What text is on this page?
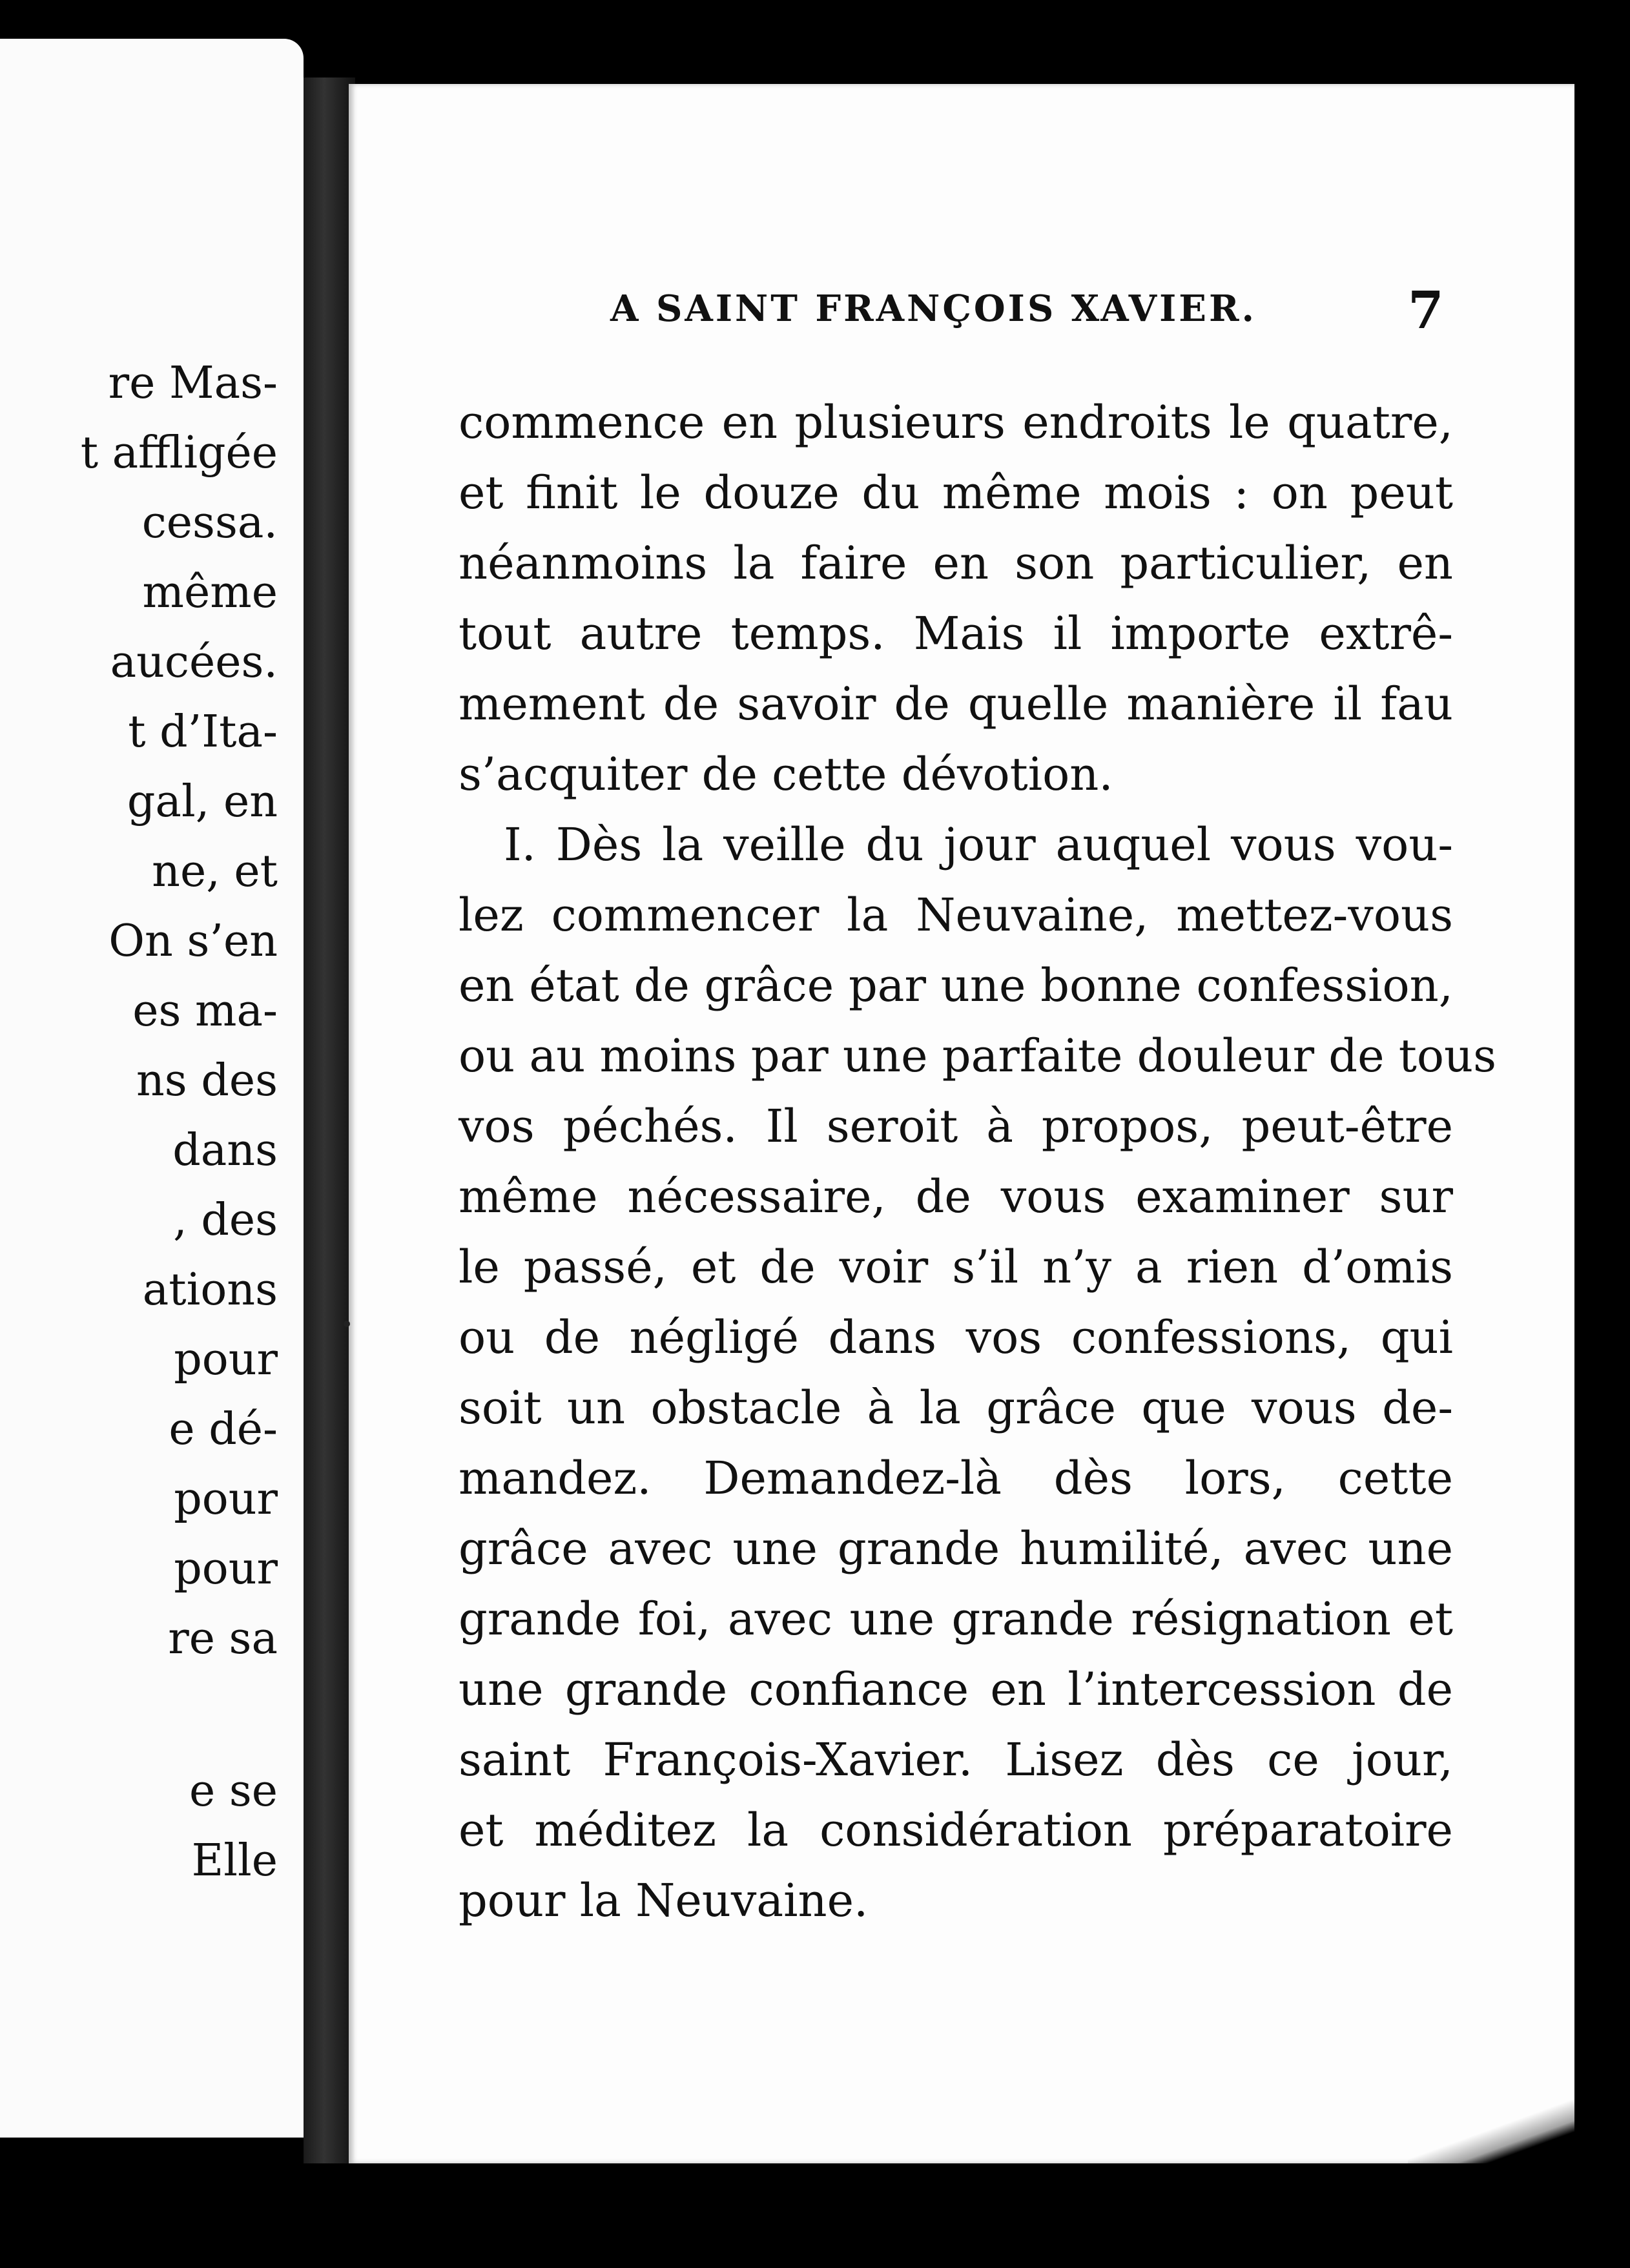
re Mas-
t affligée
cessa.
même
aucées.
t d’Ita-
gal, en
ne, et
On s’en
es ma-
ns des
dans
, des
ations
pour
e dé-
pour
pour
re sa
e se
Elle
A SAINT FRANÇOIS XAVIER.	7
commence en plusieurs endroits le quatre,
et finit le douze du même mois : on peut
néanmoins la faire en son particulier, en
tout autre temps. Mais il importe extrê-
mement de savoir de quelle manière il fau
s’acquiter de cette dévotion.
I. Dès la veille du jour auquel vous vou-
lez commencer la Neuvaine, mettez-vous
en état de grâce par une bonne confession,
ou au moins par une parfaite douleur de tous
vos péchés. Il seroit à propos, peut-être
même nécessaire, de vous examiner sur
le passé, et de voir s’il n’y a rien d’omis
ou de négligé dans vos confessions, qui
soit un obstacle à la grâce que vous de-
mandez. Demandez-là dès lors, cette
grâce avec une grande humilité, avec une
grande foi, avec une grande résignation et
une grande confiance en l’intercession de
saint François-Xavier. Lisez dès ce jour,
et méditez la considération préparatoire
pour la Neuvaine.
